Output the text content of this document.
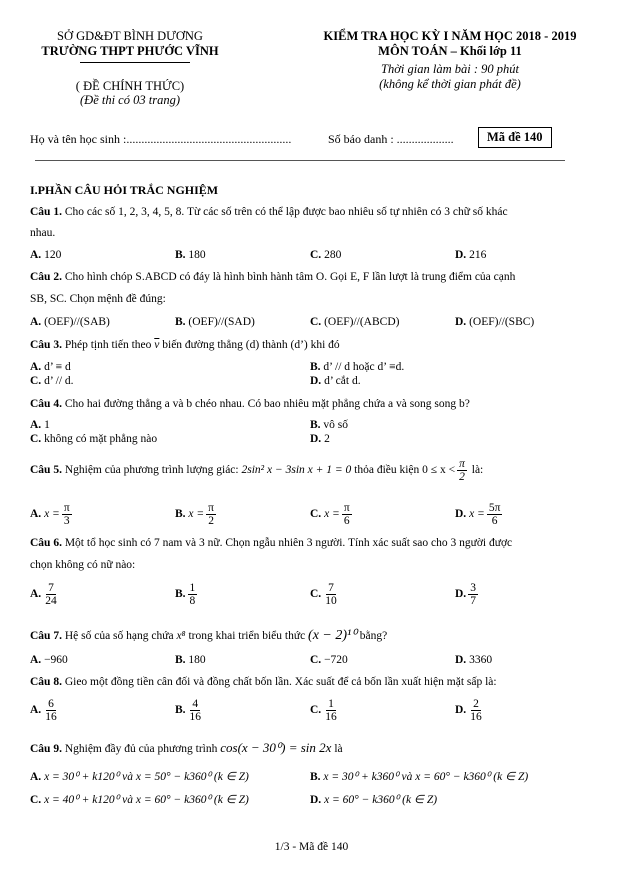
SỞ GD&ĐT BÌNH DƯƠNG
TRƯỜNG THPT PHƯỚC VĨNH
( ĐỀ CHÍNH THỨC)
(Đề thi có 03 trang)
KIỂM TRA HỌC KỲ I NĂM HỌC 2018 - 2019
MÔN TOÁN – Khối lớp 11
Thời gian làm bài : 90 phút
(không kể thời gian phát đề)
Họ và tên học sinh :.......................................................	Số báo danh : ...................	Mã đề 140
I.PHẦN CÂU HỎI TRẮC NGHIỆM
Câu 1. Cho các số 1, 2, 3, 4, 5, 8. Từ các số trên có thể lập được bao nhiêu số tự nhiên có 3 chữ số khác
nhau.
A. 120	B. 180	C. 280	D. 216
Câu 2. Cho hình chóp S.ABCD có đáy là hình bình hành tâm O. Gọi E, F lần lượt là trung điểm của cạnh
SB, SC. Chọn mệnh đề đúng:
A. (OEF)//(SAB)	B. (OEF)//(SAD)	C. (OEF)//(ABCD)	D. (OEF)//(SBC)
Câu 3. Phép tịnh tiến theo $\overline{v}$ biến đường thẳng (d) thành (d’) khi đó
A. d’ ≡ d	B. d’ // d hoặc d’ ≡d.
C. d’ // d.	D. d’ cắt d.
Câu 4. Cho hai đường thẳng a và b chéo nhau. Có bao nhiêu mặt phẳng chứa a và song song b?
A. 1	B. vô số
C. không có mặt phẳng nào	D. 2
Câu 5. Nghiệm của phương trình lượng giác: 2sin² x − 3sin x + 1 = 0 thỏa điều kiện $0 \le x < \frac{\pi}{2}$ là:
A. $x = \frac{\pi}{3}$	B. $x = \frac{\pi}{2}$	C. $x = \frac{\pi}{6}$	D. $x = \frac{5\pi}{6}$
Câu 6. Một tổ học sinh có 7 nam và 3 nữ. Chọn ngẫu nhiên 3 người. Tính xác suất sao cho 3 người được
chọn không có nữ nào:
A. $\frac{7}{24}$	B. $\frac{1}{8}$	C. $\frac{7}{10}$	D. $\frac{3}{7}$
Câu 7. Hệ số của số hạng chứa x⁸ trong khai triển biểu thức (x − 2)¹⁰ bằng?
A. −960	B. 180	C. −720	D. 3360
Câu 8. Gieo một đồng tiền cân đối và đồng chất bốn lần. Xác suất để cả bốn lần xuất hiện mặt sấp là:
A. $\frac{6}{16}$	B. $\frac{4}{16}$	C. $\frac{1}{16}$	D. $\frac{2}{16}$
Câu 9. Nghiệm đầy đủ của phương trình cos(x − 30⁰) = sin 2x là
A. x = 30⁰ + k120⁰ và x = 50° − k360⁰ (k ∈ Z)	B. x = 30⁰ + k360⁰ và x = 60° − k360⁰ (k ∈ Z)
C. x = 40⁰ + k120⁰ và x = 60° − k360⁰ (k ∈ Z)	D. x = 60° − k360⁰ (k ∈ Z)
1/3 - Mã đề 140
